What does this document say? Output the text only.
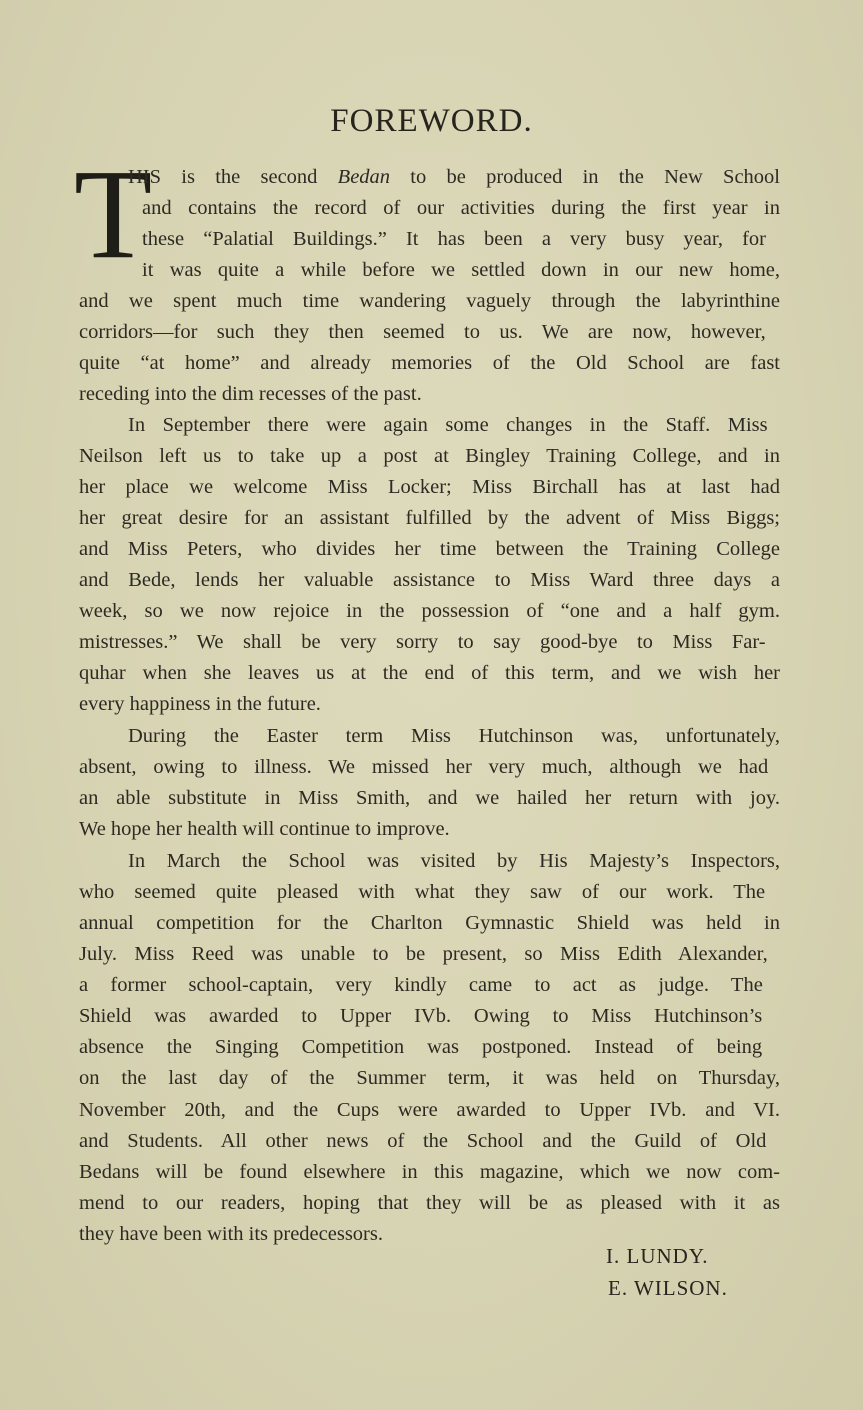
FOREWORD.
T
HIS is the second Bedan to be produced in the New School
and contains the record of our activities during the first year in
these “Palatial Buildings.” It has been a very busy year, for
it was quite a while before we settled down in our new home,
and we spent much time wandering vaguely through the labyrinthine
corridors—for such they then seemed to us. We are now, however,
quite “at home” and already memories of the Old School are fast
receding into the dim recesses of the past.
In September there were again some changes in the Staff. Miss
Neilson left us to take up a post at Bingley Training College, and in
her place we welcome Miss Locker; Miss Birchall has at last had
her great desire for an assistant fulfilled by the advent of Miss Biggs;
and Miss Peters, who divides her time between the Training College
and Bede, lends her valuable assistance to Miss Ward three days a
week, so we now rejoice in the possession of “one and a half gym.
mistresses.” We shall be very sorry to say good-bye to Miss Far-
quhar when she leaves us at the end of this term, and we wish her
every happiness in the future.
During the Easter term Miss Hutchinson was, unfortunately,
absent, owing to illness. We missed her very much, although we had
an able substitute in Miss Smith, and we hailed her return with joy.
We hope her health will continue to improve.
In March the School was visited by His Majesty’s Inspectors,
who seemed quite pleased with what they saw of our work. The
annual competition for the Charlton Gymnastic Shield was held in
July. Miss Reed was unable to be present, so Miss Edith Alexander,
a former school-captain, very kindly came to act as judge. The
Shield was awarded to Upper IVb. Owing to Miss Hutchinson’s
absence the Singing Competition was postponed. Instead of being
on the last day of the Summer term, it was held on Thursday,
November 20th, and the Cups were awarded to Upper IVb. and VI.
and Students. All other news of the School and the Guild of Old
Bedans will be found elsewhere in this magazine, which we now com-
mend to our readers, hoping that they will be as pleased with it as
they have been with its predecessors.
I. LUNDY.
E. WILSON.
